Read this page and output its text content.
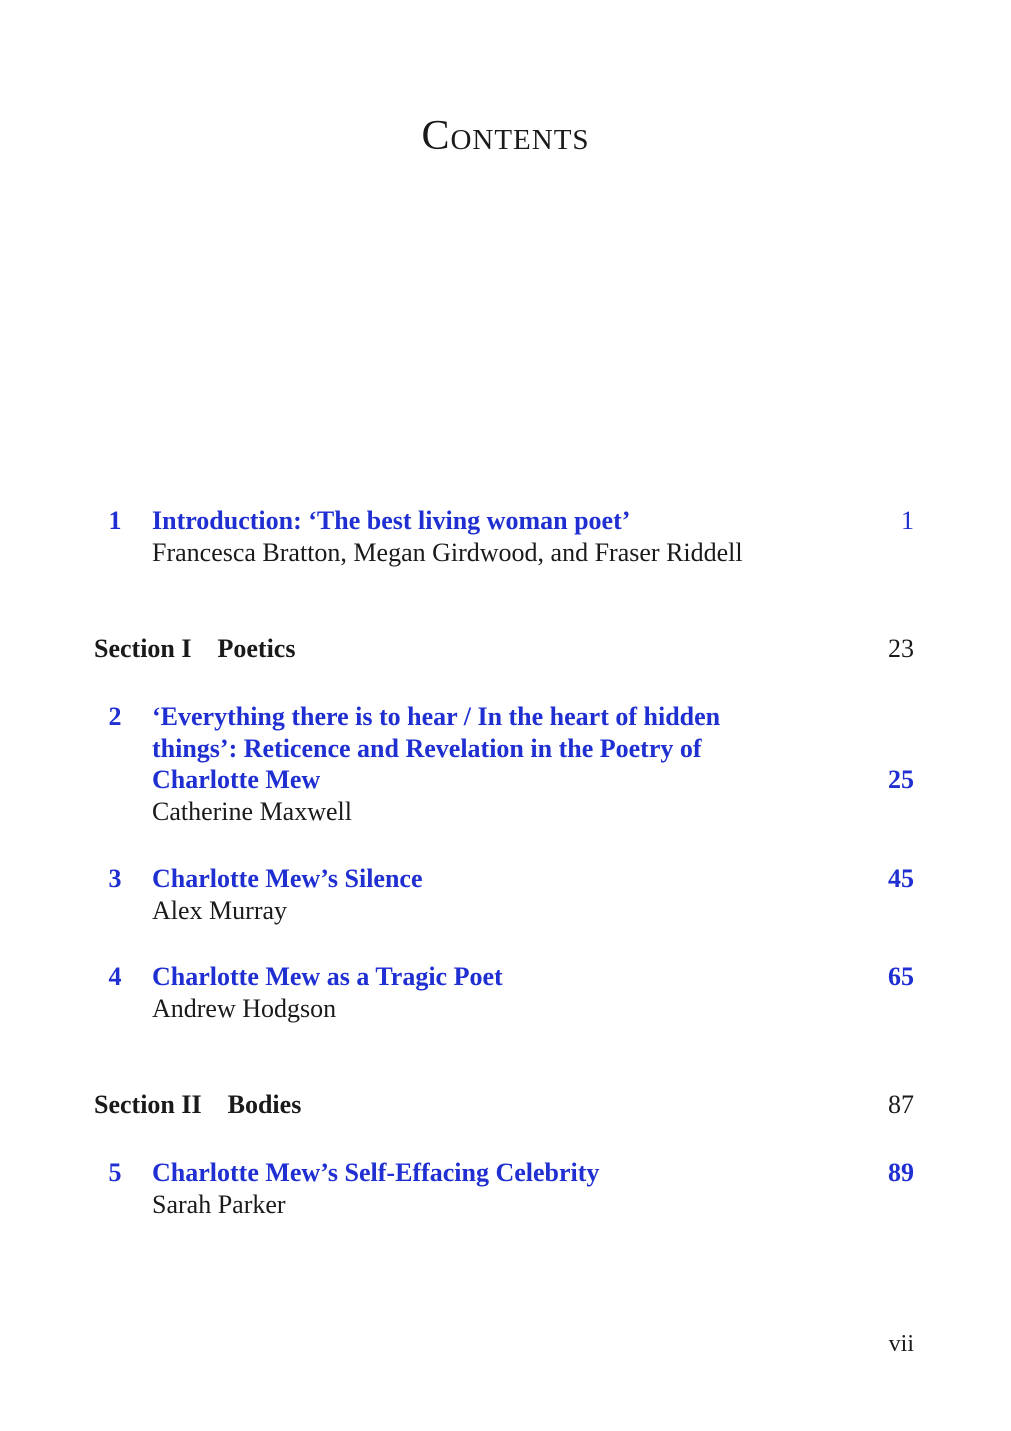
Contents
1	Introduction: ‘The best living woman poet’	1
Francesca Bratton, Megan Girdwood, and Fraser Riddell
Section I Poetics	23
2	‘Everything there is to hear / In the heart of hidden
things’: Reticence and Revelation in the Poetry of
Charlotte Mew	25
Catherine Maxwell
3	Charlotte Mew’s Silence	45
Alex Murray
4	Charlotte Mew as a Tragic Poet	65
Andrew Hodgson
Section II Bodies	87
5	Charlotte Mew’s Self-Effacing Celebrity	89
Sarah Parker
vii
